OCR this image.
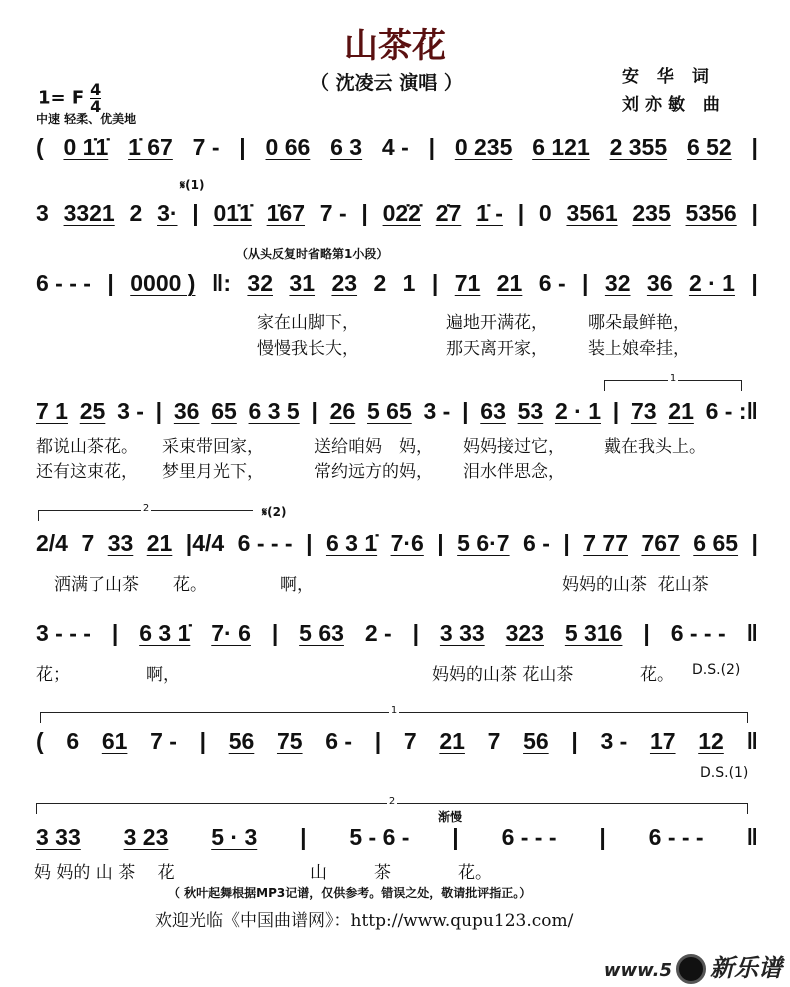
山茶花
（ 沈凌云 演唱 ）	安 华 词
刘亦敏 曲
1= F $\frac{4}{4}$
中速 轻柔、优美地
( 0 1̇1̇ 1̇ 67 7 - | 0 66 6 3 4 - | 0 235 6 121 2 355 6 52 |
𝄋(1)
3 3321 2 3· | 01̇1̇ 1̇67 7 - | 02̇2̇ 2̇7 1̇ - | 0 3561 235 5356 |
（从头反复时省略第1小段）
6 - - - | 0000 ) ‖: 32 31 23 2 1 | 71 21 6 - | 32 36 2 · 1 |
家在山脚下，	遍地开满花， 哪朵最鲜艳，
慢慢我长大，	那天离开家， 装上娘牵挂，
1
7 1 25 3 - | 36 65 6 3 5 | 26 5 65 3 - | 63 53 2 · 1 | 73 21 6 - :‖
都说山茶花。 采束带回家，	送给咱妈　妈， 妈妈接过它， 戴在我头上。
还有这束花， 梦里月光下，	常约远方的妈， 泪水伴思念，
2	𝄋(2)
2/4 7 33 21 |4/4 6 - - - | 6 3 1̇ 7·6 | 5 6·7 6 - | 7 77 767 6 65 |
洒满了山茶　　花。	啊，	妈妈的山茶  花山茶
3 - - - | 6 3 1̇ 7· 6 | 5 63 2 - | 3 33 323 5 316 | 6 - - - ‖
花；	啊，	妈妈的山茶 花山茶	花。 D.S.(2)
1
( 6 61 7 - | 56 75 6 - | 7 21 7 56 | 3 - 17 12 ‖
D.S.(1)
2
渐慢
3 33 3 23 5 · 3 | 5 - 6 - | 6 - - - | 6 - - - ‖
妈 妈的 山 茶　 花	山	茶	花。
（ 秋叶起舞根据MP3记谱，仅供参考。错误之处，敬请批评指正。）
欢迎光临《中国曲谱网》：http://www.qupu123.com/
www.5 新乐谱
